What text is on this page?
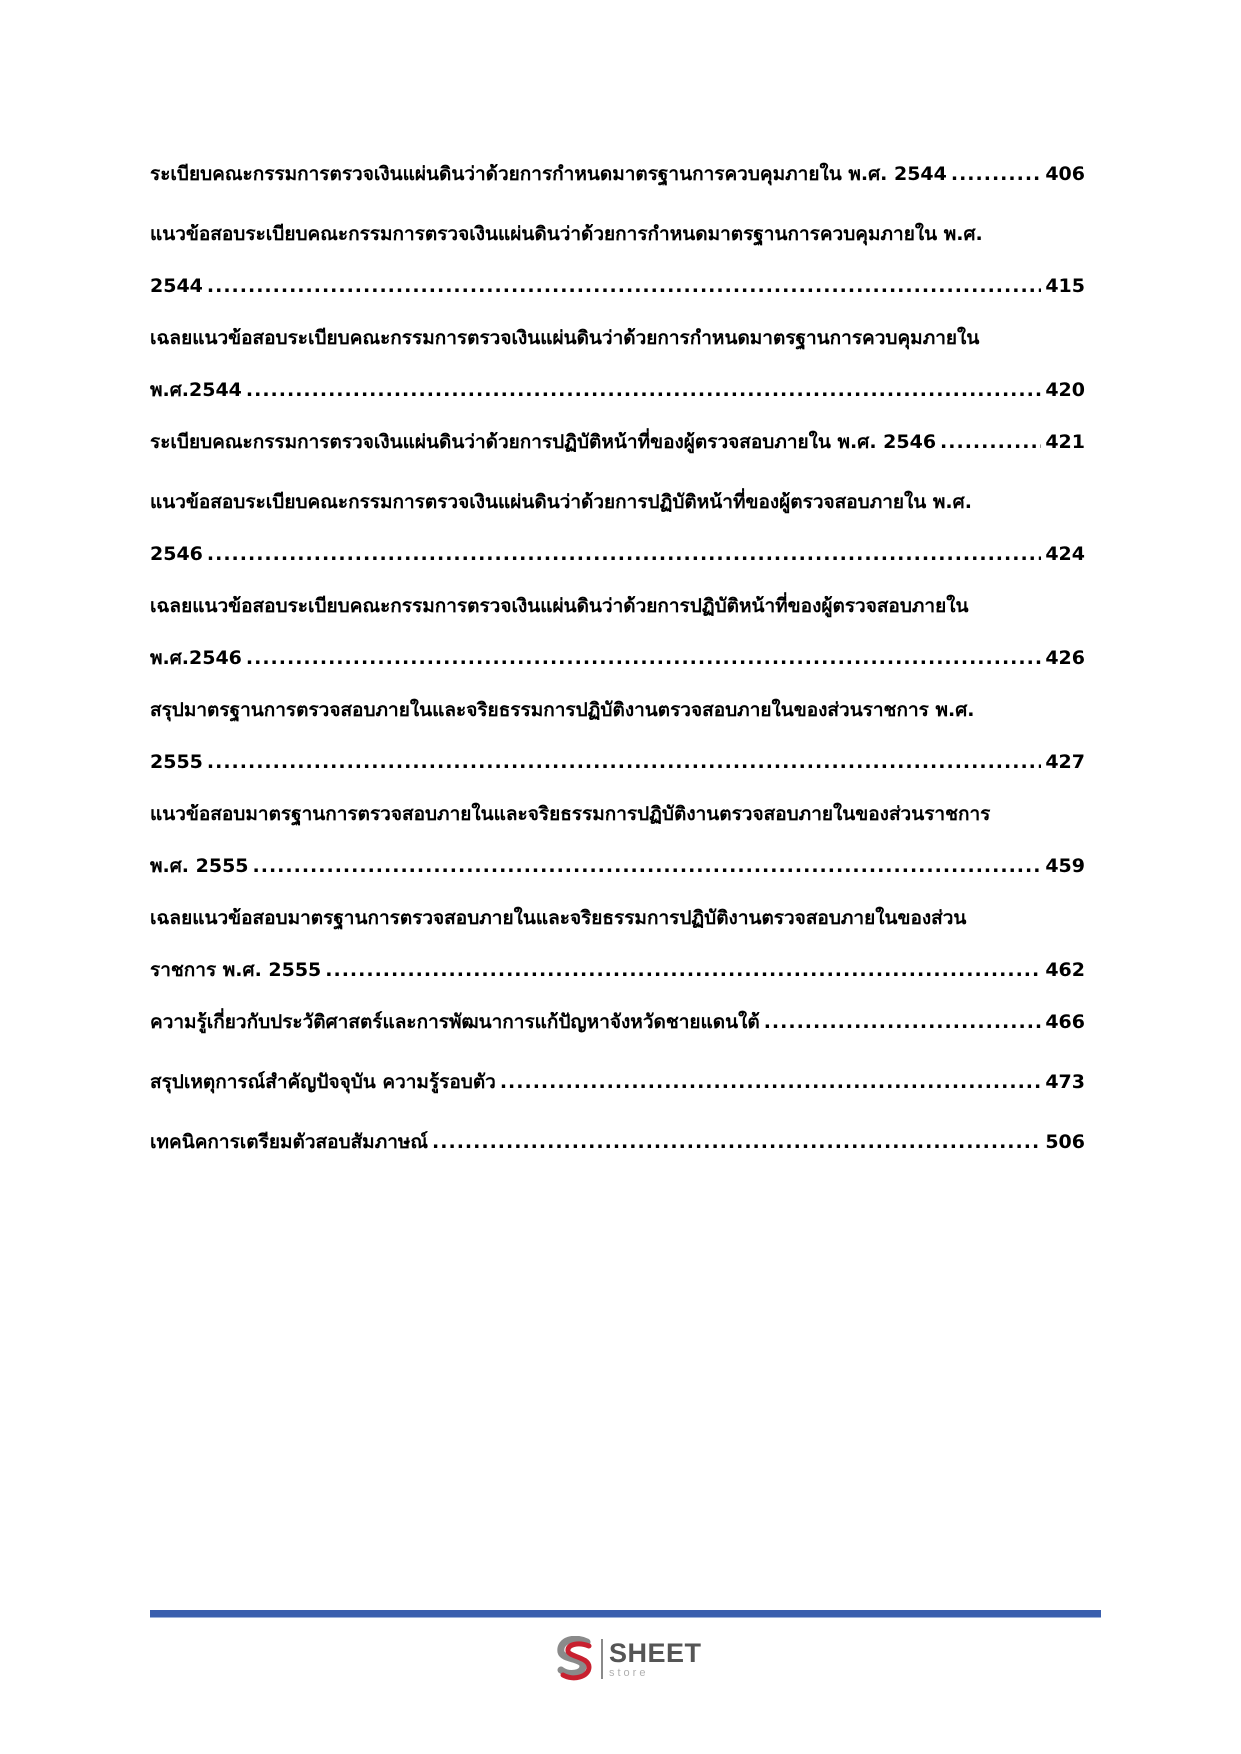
ระเบียบคณะกรรมการตรวจเงินแผ่นดินว่าด้วยการกำหนดมาตรฐานการควบคุมภายใน พ.ศ. 2544 .....	406
แนวข้อสอบระเบียบคณะกรรมการตรวจเงินแผ่นดินว่าด้วยการกำหนดมาตรฐานการควบคุมภายใน พ.ศ.
2544 .....	415
เฉลยแนวข้อสอบระเบียบคณะกรรมการตรวจเงินแผ่นดินว่าด้วยการกำหนดมาตรฐานการควบคุมภายใน
พ.ศ.2544 .....	420
ระเบียบคณะกรรมการตรวจเงินแผ่นดินว่าด้วยการปฏิบัติหน้าที่ของผู้ตรวจสอบภายใน พ.ศ. 2546 .....	421
แนวข้อสอบระเบียบคณะกรรมการตรวจเงินแผ่นดินว่าด้วยการปฏิบัติหน้าที่ของผู้ตรวจสอบภายใน พ.ศ.
2546 .....	424
เฉลยแนวข้อสอบระเบียบคณะกรรมการตรวจเงินแผ่นดินว่าด้วยการปฏิบัติหน้าที่ของผู้ตรวจสอบภายใน
พ.ศ.2546 .....	426
สรุปมาตรฐานการตรวจสอบภายในและจริยธรรมการปฏิบัติงานตรวจสอบภายในของส่วนราชการ พ.ศ.
2555 .....	427
แนวข้อสอบมาตรฐานการตรวจสอบภายในและจริยธรรมการปฏิบัติงานตรวจสอบภายในของส่วนราชการ
พ.ศ. 2555 .....	459
เฉลยแนวข้อสอบมาตรฐานการตรวจสอบภายในและจริยธรรมการปฏิบัติงานตรวจสอบภายในของส่วน
ราชการ พ.ศ. 2555 .....	462
ความรู้เกี่ยวกับประวัติศาสตร์และการพัฒนาการแก้ปัญหาจังหวัดชายแดนใต้ .....	466
สรุปเหตุการณ์สำคัญปัจจุบัน ความรู้รอบตัว .....	473
เทคนิคการเตรียมตัวสอบสัมภาษณ์ .....	506
SHEET
store
